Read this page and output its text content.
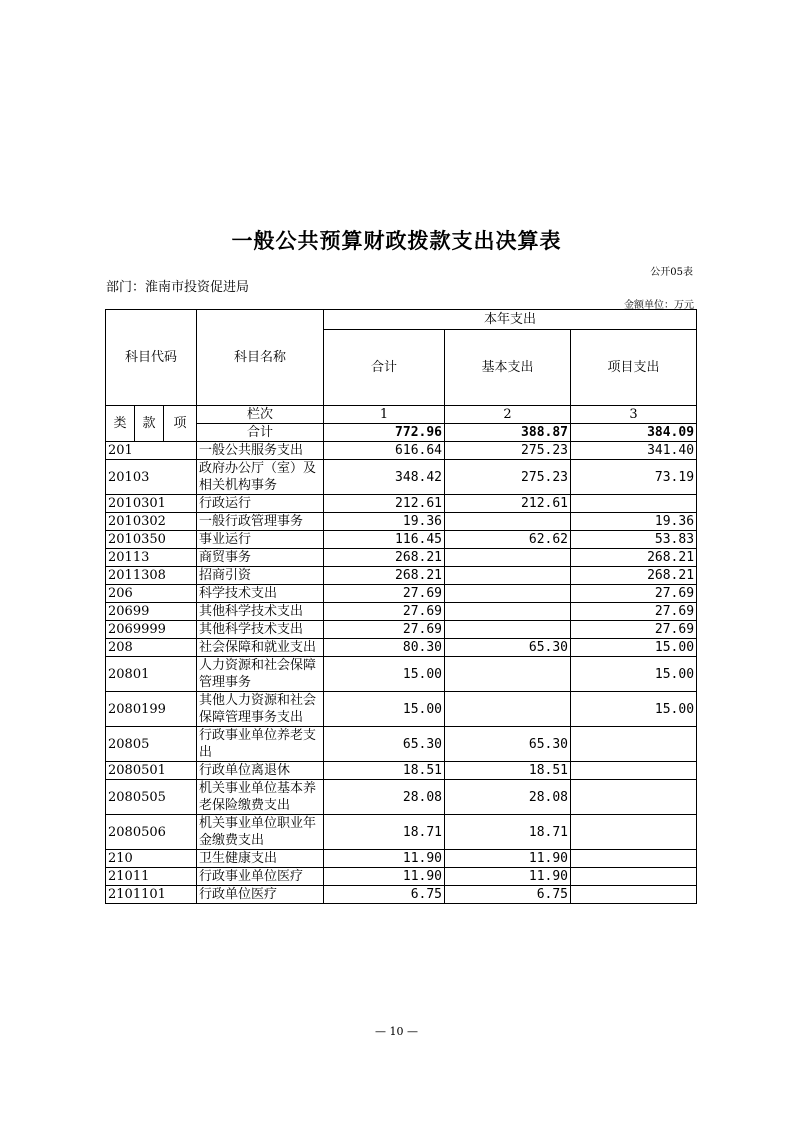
一般公共预算财政拨款支出决算表
公开05表
部门：淮南市投资促进局
金额单位：万元
科目代码			科目名称	本年支出		
				合计	基本支出	项目支出
类	款	项	栏次	1	2	3
			合计	772.96	388.87	384.09
201			一般公共服务支出	616.64	275.23	341.40
20103			政府办公厅（室）及相关机构事务	348.42	275.23	73.19
2010301			行政运行	212.61	212.61	
2010302			一般行政管理事务	19.36		19.36
2010350			事业运行	116.45	62.62	53.83
20113			商贸事务	268.21		268.21
2011308			招商引资	268.21		268.21
206			科学技术支出	27.69		27.69
20699			其他科学技术支出	27.69		27.69
2069999			其他科学技术支出	27.69		27.69
208			社会保障和就业支出	80.30	65.30	15.00
20801			人力资源和社会保障管理事务	15.00		15.00
2080199			其他人力资源和社会保障管理事务支出	15.00		15.00
20805			行政事业单位养老支出	65.30	65.30	
2080501			行政单位离退休	18.51	18.51	
2080505			机关事业单位基本养老保险缴费支出	28.08	28.08	
2080506			机关事业单位职业年金缴费支出	18.71	18.71	
210			卫生健康支出	11.90	11.90	
21011			行政事业单位医疗	11.90	11.90	
2101101			行政单位医疗	6.75	6.75	
— 10 —
